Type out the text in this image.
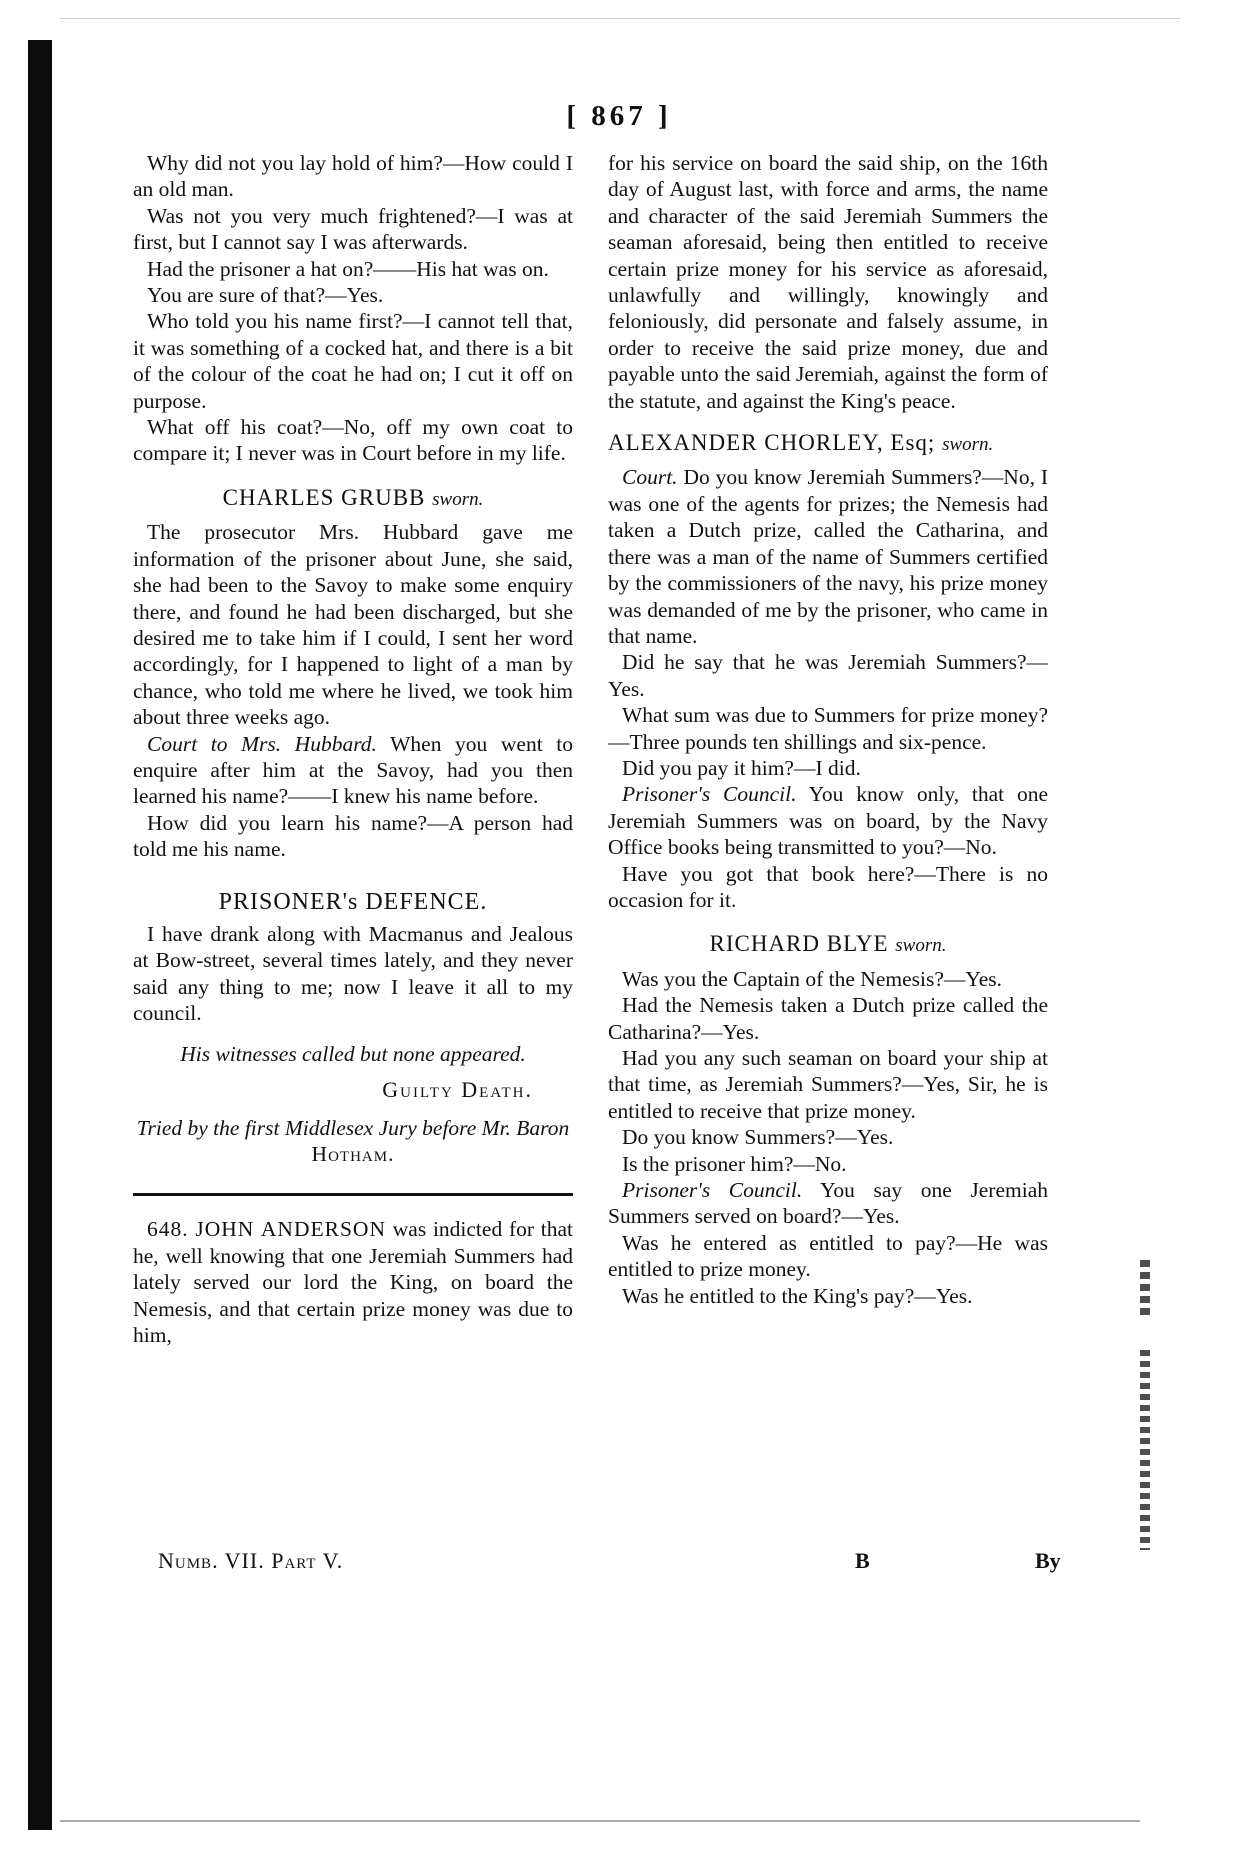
[ 867 ]

Why did not you lay hold of him?—How could I an old man.

Was not you very much frightened?—I was at first, but I cannot say I was afterwards.

Had the prisoner a hat on?——His hat was on.

You are sure of that?—Yes.

Who told you his name first?—I cannot tell that, it was something of a cocked hat, and there is a bit of the colour of the coat he had on; I cut it off on purpose.

What off his coat?—No, off my own coat to compare it; I never was in Court before in my life.

CHARLES GRUBB sworn.

The prosecutor Mrs. Hubbard gave me information of the prisoner about June, she said, she had been to the Savoy to make some enquiry there, and found he had been discharged, but she desired me to take him if I could, I sent her word accordingly, for I happened to light of a man by chance, who told me where he lived, we took him about three weeks ago.

Court to Mrs. Hubbard. When you went to enquire after him at the Savoy, had you then learned his name?——I knew his name before.

How did you learn his name?—A person had told me his name.

PRISONER's DEFENCE.

I have drank along with Macmanus and Jealous at Bow-street, several times lately, and they never said any thing to me; now I leave it all to my council.

His witnesses called but none appeared.

Guilty Death.

Tried by the first Middlesex Jury before Mr. Baron Hotham.

648. JOHN ANDERSON was indicted for that he, well knowing that one Jeremiah Summers had lately served our lord the King, on board the Nemesis, and that certain prize money was due to him,

for his service on board the said ship, on the 16th day of August last, with force and arms, the name and character of the said Jeremiah Summers the seaman aforesaid, being then entitled to receive certain prize money for his service as aforesaid, unlawfully and willingly, knowingly and feloniously, did personate and falsely assume, in order to receive the said prize money, due and payable unto the said Jeremiah, against the form of the statute, and against the King's peace.

ALEXANDER CHORLEY, Esq; sworn.

Court. Do you know Jeremiah Summers?—No, I was one of the agents for prizes; the Nemesis had taken a Dutch prize, called the Catharina, and there was a man of the name of Summers certified by the commissioners of the navy, his prize money was demanded of me by the prisoner, who came in that name.

Did he say that he was Jeremiah Summers?—Yes.

What sum was due to Summers for prize money?—Three pounds ten shillings and six-pence.

Did you pay it him?—I did.

Prisoner's Council. You know only, that one Jeremiah Summers was on board, by the Navy Office books being transmitted to you?—No.

Have you got that book here?—There is no occasion for it.

RICHARD BLYE sworn.

Was you the Captain of the Nemesis?—Yes.

Had the Nemesis taken a Dutch prize called the Catharina?—Yes.

Had you any such seaman on board your ship at that time, as Jeremiah Summers?—Yes, Sir, he is entitled to receive that prize money.

Do you know Summers?—Yes.

Is the prisoner him?—No.

Prisoner's Council. You say one Jeremiah Summers served on board?—Yes.

Was he entered as entitled to pay?—He was entitled to prize money.

Was he entitled to the King's pay?—Yes.

Numb. VII. Part V.	B	By
